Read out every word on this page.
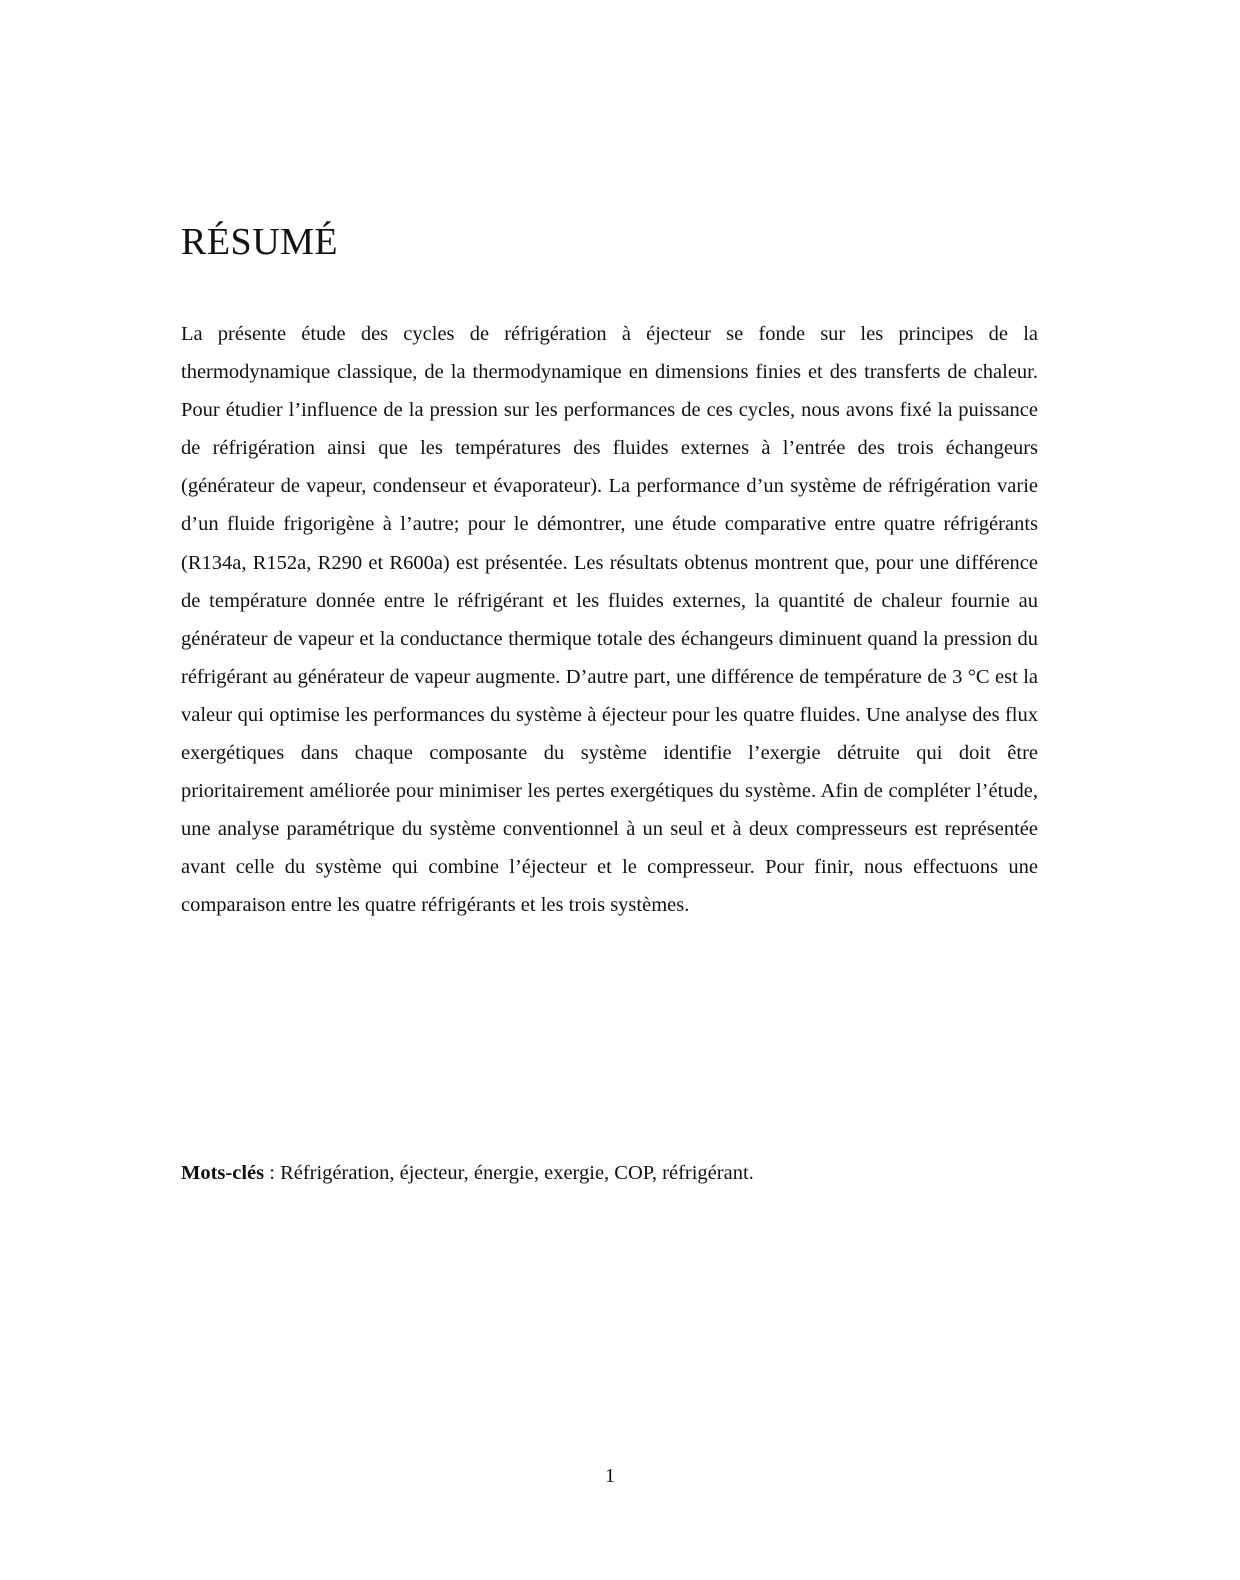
RÉSUMÉ

La présente étude des cycles de réfrigération à éjecteur se fonde sur les principes de la thermodynamique classique, de la thermodynamique en dimensions finies et des transferts de chaleur. Pour étudier l’influence de la pression sur les performances de ces cycles, nous avons fixé la puissance de réfrigération ainsi que les températures des fluides externes à l’entrée des trois échangeurs (générateur de vapeur, condenseur et évaporateur). La performance d’un système de réfrigération varie d’un fluide frigorigène à l’autre; pour le démontrer, une étude comparative entre quatre réfrigérants (R134a, R152a, R290 et R600a) est présentée. Les résultats obtenus montrent que, pour une différence de température donnée entre le réfrigérant et les fluides externes, la quantité de chaleur fournie au générateur de vapeur et la conductance thermique totale des échangeurs diminuent quand la pression du réfrigérant au générateur de vapeur augmente. D’autre part, une différence de température de 3 °C est la valeur qui optimise les performances du système à éjecteur pour les quatre fluides. Une analyse des flux exergétiques dans chaque composante du système identifie l’exergie détruite qui doit être prioritairement améliorée pour minimiser les pertes exergétiques du système. Afin de compléter l’étude, une analyse paramétrique du système conventionnel à un seul et à deux compresseurs est représentée avant celle du système qui combine l’éjecteur et le compresseur. Pour finir, nous effectuons une comparaison entre les quatre réfrigérants et les trois systèmes.

Mots-clés : Réfrigération, éjecteur, énergie, exergie, COP, réfrigérant.

1
